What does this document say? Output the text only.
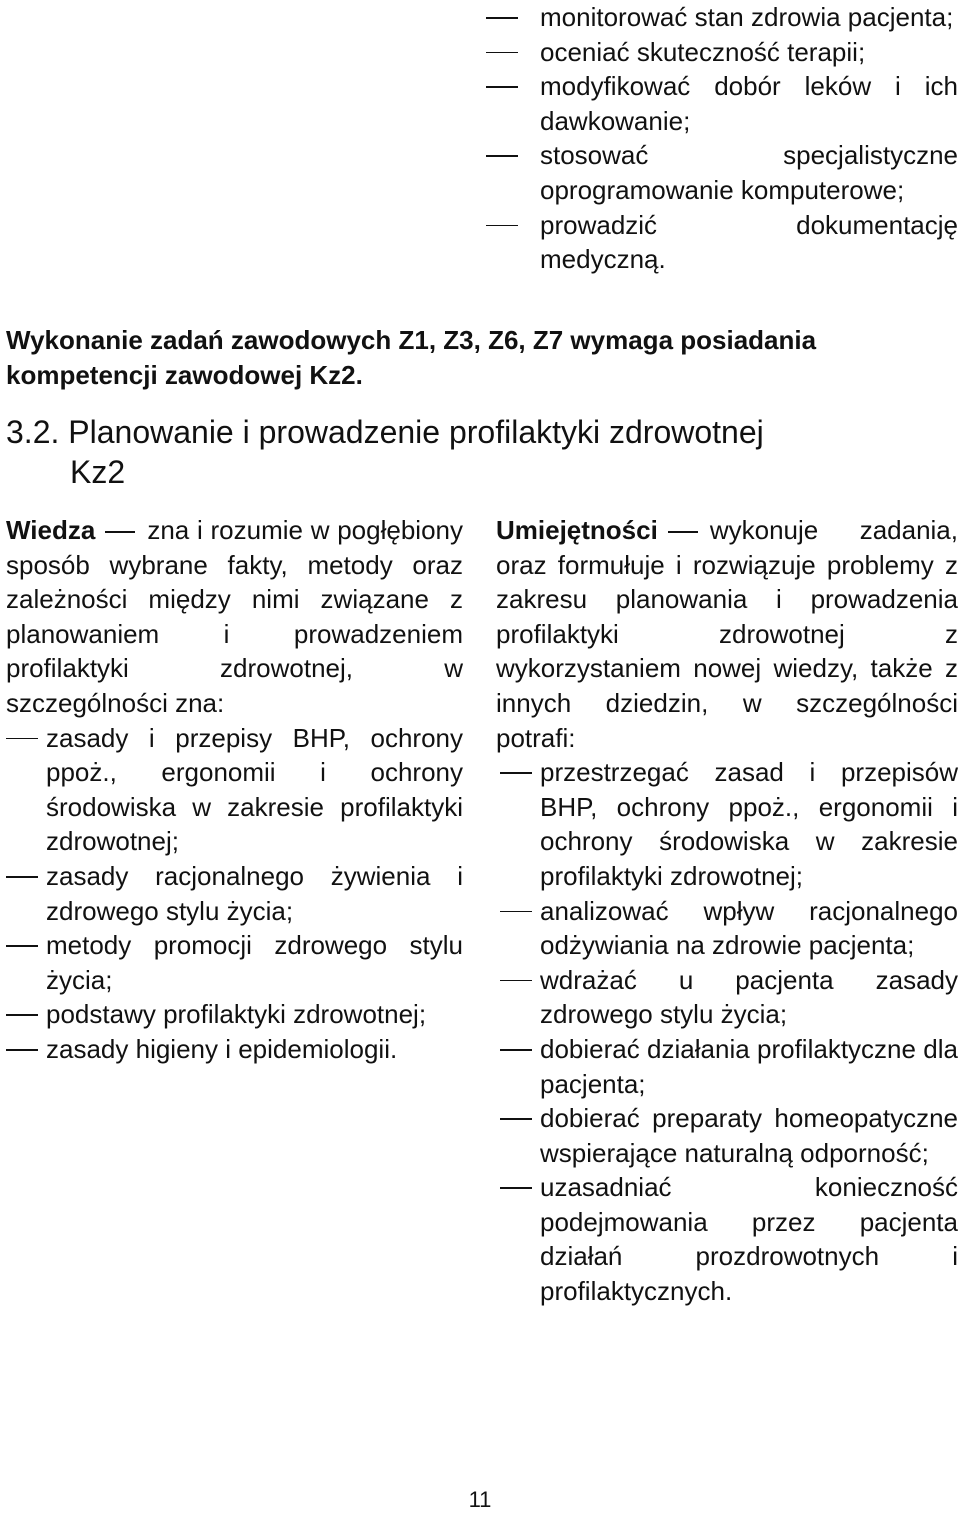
monitorować stan zdrowia pacjenta;
oceniać skuteczność terapii;
modyfikować dobór leków i ich dawkowanie;
stosować specjalistyczne oprogramowanie komputerowe;
prowadzić dokumentację medyczną.
Wykonanie zadań zawodowych Z1, Z3, Z6, Z7 wymaga posiadania kompetencji zawodowej Kz2.
3.2. Planowanie i prowadzenie profilaktyki zdrowotnej
Kz2
Wiedza zna i rozumie w pogłębiony sposób wybrane fakty, metody oraz zależności między nimi związane z planowaniem i prowadzeniem profilaktyki zdrowotnej, w szczególności zna:
zasady i przepisy BHP, ochrony ppoż., ergonomii i ochrony środowiska w zakresie profilaktyki zdrowotnej;
zasady racjonalnego żywienia i zdrowego stylu życia;
metody promocji zdrowego stylu życia;
podstawy profilaktyki zdrowotnej;
zasady higieny i epidemiologii.
Umiejętności wykonuje zadania, oraz formułuje i rozwiązuje problemy z zakresu planowania i prowadzenia profilaktyki zdrowotnej z wykorzystaniem nowej wiedzy, także z innych dziedzin, w szczególności potrafi:
przestrzegać zasad i przepisów BHP, ochrony ppoż., ergonomii i ochrony środowiska w zakresie profilaktyki zdrowotnej;
analizować wpływ racjonalnego odżywiania na zdrowie pacjenta;
wdrażać u pacjenta zasady zdrowego stylu życia;
dobierać działania profilaktyczne dla pacjenta;
dobierać preparaty homeopatyczne wspierające naturalną odporność;
uzasadniać konieczność podejmowania przez pacjenta działań prozdrowotnych i profilaktycznych.
11
